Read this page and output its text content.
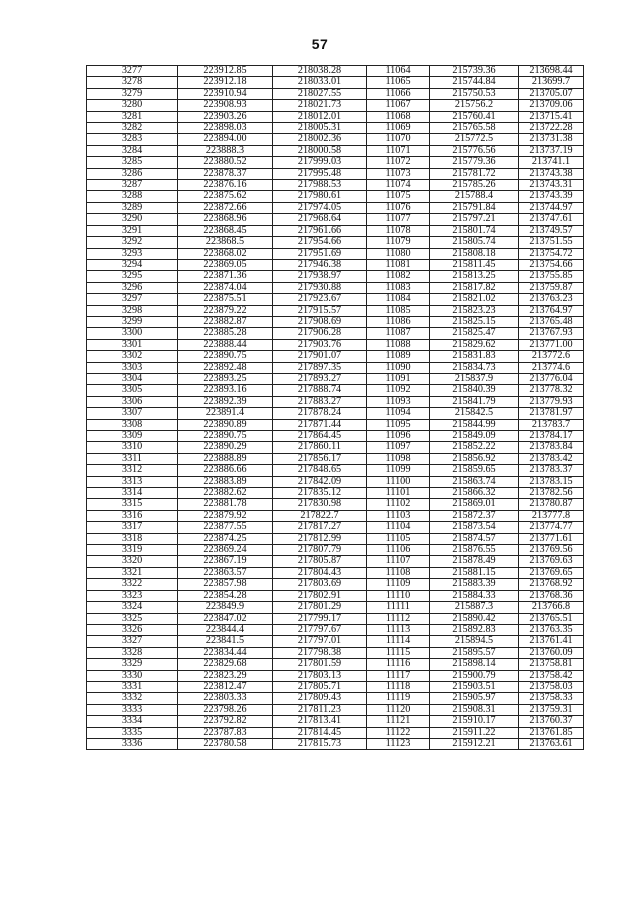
57
3277	223912.85	218038.28	11064	215739.36	213698.44
3278	223912.18	218033.01	11065	215744.84	213699.7
3279	223910.94	218027.55	11066	215750.53	213705.07
3280	223908.93	218021.73	11067	215756.2	213709.06
3281	223903.26	218012.01	11068	215760.41	213715.41
3282	223898.03	218005.31	11069	215765.58	213722.28
3283	223894.00	218002.36	11070	215772.5	213731.38
3284	223888.3	218000.58	11071	215776.56	213737.19
3285	223880.52	217999.03	11072	215779.36	213741.1
3286	223878.37	217995.48	11073	215781.72	213743.38
3287	223876.16	217988.53	11074	215785.26	213743.31
3288	223875.62	217980.61	11075	215788.4	213743.39
3289	223872.66	217974.05	11076	215791.84	213744.97
3290	223868.96	217968.64	11077	215797.21	213747.61
3291	223868.45	217961.66	11078	215801.74	213749.57
3292	223868.5	217954.66	11079	215805.74	213751.55
3293	223868.02	217951.69	11080	215808.18	213754.72
3294	223869.05	217946.38	11081	215811.45	213754.66
3295	223871.36	217938.97	11082	215813.25	213755.85
3296	223874.04	217930.88	11083	215817.82	213759.87
3297	223875.51	217923.67	11084	215821.02	213763.23
3298	223879.22	217915.57	11085	215823.23	213764.97
3299	223882.87	217908.69	11086	215825.15	213765.48
3300	223885.28	217906.28	11087	215825.47	213767.93
3301	223888.44	217903.76	11088	215829.62	213771.00
3302	223890.75	217901.07	11089	215831.83	213772.6
3303	223892.48	217897.35	11090	215834.73	213774.6
3304	223893.25	217893.27	11091	215837.9	213776.04
3305	223893.16	217888.74	11092	215840.39	213778.32
3306	223892.39	217883.27	11093	215841.79	213779.93
3307	223891.4	217878.24	11094	215842.5	213781.97
3308	223890.89	217871.44	11095	215844.99	213783.7
3309	223890.75	217864.45	11096	215849.09	213784.17
3310	223890.29	217860.11	11097	215852.22	213783.84
3311	223888.89	217856.17	11098	215856.92	213783.42
3312	223886.66	217848.65	11099	215859.65	213783.37
3313	223883.89	217842.09	11100	215863.74	213783.15
3314	223882.62	217835.12	11101	215866.32	213782.56
3315	223881.78	217830.98	11102	215869.01	213780.87
3316	223879.92	217822.7	11103	215872.37	213777.8
3317	223877.55	217817.27	11104	215873.54	213774.77
3318	223874.25	217812.99	11105	215874.57	213771.61
3319	223869.24	217807.79	11106	215876.55	213769.56
3320	223867.19	217805.87	11107	215878.49	213769.63
3321	223863.57	217804.43	11108	215881.15	213769.65
3322	223857.98	217803.69	11109	215883.39	213768.92
3323	223854.28	217802.91	11110	215884.33	213768.36
3324	223849.9	217801.29	11111	215887.3	213766.8
3325	223847.02	217799.17	11112	215890.42	213765.51
3326	223844.4	217797.67	11113	215892.83	213763.35
3327	223841.5	217797.01	11114	215894.5	213761.41
3328	223834.44	217798.38	11115	215895.57	213760.09
3329	223829.68	217801.59	11116	215898.14	213758.81
3330	223823.29	217803.13	11117	215900.79	213758.42
3331	223812.47	217805.71	11118	215903.51	213758.03
3332	223803.33	217809.43	11119	215905.97	213758.33
3333	223798.26	217811.23	11120	215908.31	213759.31
3334	223792.82	217813.41	11121	215910.17	213760.37
3335	223787.83	217814.45	11122	215911.22	213761.85
3336	223780.58	217815.73	11123	215912.21	213763.61
